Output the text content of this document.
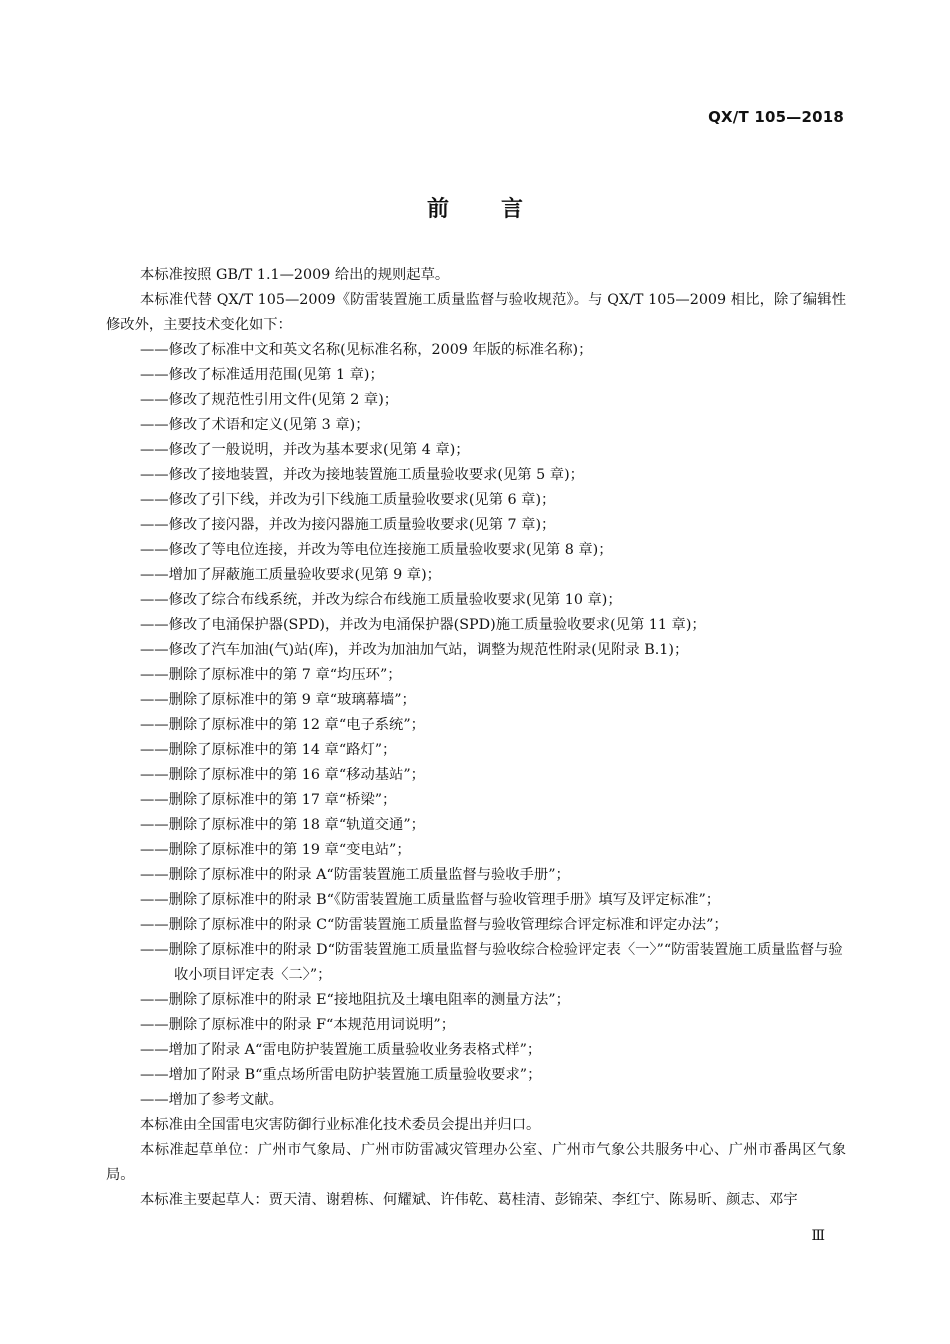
QX/T 105—2018
前言

本标准按照 GB/T 1.1—2009 给出的规则起草。

本标准代替 QX/T 105—2009《防雷装置施工质量监督与验收规范》。与 QX/T 105—2009 相比，除了编辑性修改外，主要技术变化如下：

——修改了标准中文和英文名称(见标准名称，2009 年版的标准名称)；

——修改了标准适用范围(见第 1 章)；

——修改了规范性引用文件(见第 2 章)；

——修改了术语和定义(见第 3 章)；

——修改了一般说明，并改为基本要求(见第 4 章)；

——修改了接地装置，并改为接地装置施工质量验收要求(见第 5 章)；

——修改了引下线，并改为引下线施工质量验收要求(见第 6 章)；

——修改了接闪器，并改为接闪器施工质量验收要求(见第 7 章)；

——修改了等电位连接，并改为等电位连接施工质量验收要求(见第 8 章)；

——增加了屏蔽施工质量验收要求(见第 9 章)；

——修改了综合布线系统，并改为综合布线施工质量验收要求(见第 10 章)；

——修改了电涌保护器(SPD)，并改为电涌保护器(SPD)施工质量验收要求(见第 11 章)；

——修改了汽车加油(气)站(库)，并改为加油加气站，调整为规范性附录(见附录 B.1)；

——删除了原标准中的第 7 章“均压环”；

——删除了原标准中的第 9 章“玻璃幕墙”；

——删除了原标准中的第 12 章“电子系统”；

——删除了原标准中的第 14 章“路灯”；

——删除了原标准中的第 16 章“移动基站”；

——删除了原标准中的第 17 章“桥梁”；

——删除了原标准中的第 18 章“轨道交通”；

——删除了原标准中的第 19 章“变电站”；

——删除了原标准中的附录 A“防雷装置施工质量监督与验收手册”；

——删除了原标准中的附录 B“《防雷装置施工质量监督与验收管理手册》填写及评定标准”；

——删除了原标准中的附录 C“防雷装置施工质量监督与验收管理综合评定标准和评定办法”；

——删除了原标准中的附录 D“防雷装置施工质量监督与验收综合检验评定表〈一〉”“防雷装置施工质量监督与验收小项目评定表〈二〉”；

——删除了原标准中的附录 E“接地阻抗及土壤电阻率的测量方法”；

——删除了原标准中的附录 F“本规范用词说明”；

——增加了附录 A“雷电防护装置施工质量验收业务表格式样”；

——增加了附录 B“重点场所雷电防护装置施工质量验收要求”；

——增加了参考文献。

本标准由全国雷电灾害防御行业标准化技术委员会提出并归口。

本标准起草单位：广州市气象局、广州市防雷减灾管理办公室、广州市气象公共服务中心、广州市番禺区气象局。

本标准主要起草人：贾天清、谢碧栋、何耀斌、许伟乾、葛桂清、彭锦荣、李红宁、陈易昕、颜志、邓宇

Ⅲ
